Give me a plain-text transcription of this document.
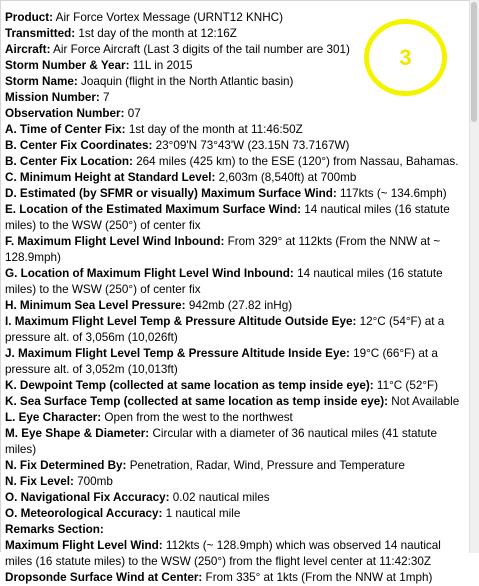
Product: Air Force Vortex Message (URNT12 KNHC)
Transmitted: 1st day of the month at 12:16Z
Aircraft: Air Force Aircraft (Last 3 digits of the tail number are 301)
Storm Number & Year: 11L in 2015
Storm Name: Joaquin (flight in the North Atlantic basin)
Mission Number: 7
Observation Number: 07
A. Time of Center Fix: 1st day of the month at 11:46:50Z
B. Center Fix Coordinates: 23°09'N 73°43'W (23.15N 73.7167W)
B. Center Fix Location: 264 miles (425 km) to the ESE (120°) from Nassau, Bahamas.
C. Minimum Height at Standard Level: 2,603m (8,540ft) at 700mb
D. Estimated (by SFMR or visually) Maximum Surface Wind: 117kts (~ 134.6mph)
E. Location of the Estimated Maximum Surface Wind: 14 nautical miles (16 statute miles) to the WSW (250°) of center fix
F. Maximum Flight Level Wind Inbound: From 329° at 112kts (From the NNW at ~ 128.9mph)
G. Location of Maximum Flight Level Wind Inbound: 14 nautical miles (16 statute miles) to the WSW (250°) of center fix
H. Minimum Sea Level Pressure: 942mb (27.82 inHg)
I. Maximum Flight Level Temp & Pressure Altitude Outside Eye: 12°C (54°F) at a pressure alt. of 3,056m (10,026ft)
J. Maximum Flight Level Temp & Pressure Altitude Inside Eye: 19°C (66°F) at a pressure alt. of 3,052m (10,013ft)
K. Dewpoint Temp (collected at same location as temp inside eye): 11°C (52°F)
K. Sea Surface Temp (collected at same location as temp inside eye): Not Available
L. Eye Character: Open from the west to the northwest
M. Eye Shape & Diameter: Circular with a diameter of 36 nautical miles (41 statute miles)
N. Fix Determined By: Penetration, Radar, Wind, Pressure and Temperature
N. Fix Level: 700mb
O. Navigational Fix Accuracy: 0.02 nautical miles
O. Meteorological Accuracy: 1 nautical mile
Remarks Section:
Maximum Flight Level Wind: 112kts (~ 128.9mph) which was observed 14 nautical miles (16 statute miles) to the WSW (250°) from the flight level center at 11:42:30Z
Dropsonde Surface Wind at Center: From 335° at 1kts (From the NNW at 1mph)
3
